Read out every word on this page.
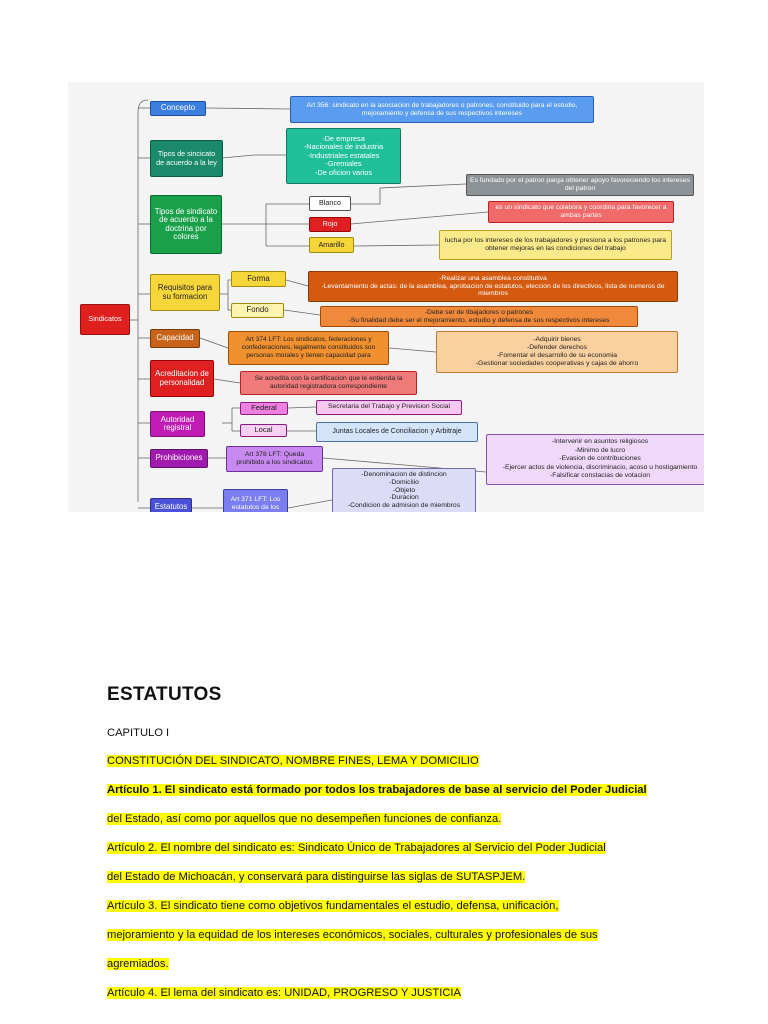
Sindicatos
Concepto	Art 356: sindicato en la asociacion de trabajadores o patrones, constituido para el estudio, mejoramiento y defensa de sus respectivos intereses
Tipos de sincicato de acuerdo a la ley
-De empresa
-Nacionales de industria
-Industriales estatales
-Gremiales
-De oficion varios
Tipos de sindicato de acuerdo a la doctrina por colores
Blanco
Es fundado por el patron parga obtener apoyo favoreciendo los intereses del patron
Rojo
es un sindicato que colabora y coordina para favorecer a ambas partes
Amarillo	lucha por los intereses de los trabajadores y presiona a los patrones para obtener mejoras en las condiciones del trabajo
Requisitos para su formacion
Forma	-Realizar una asamblea constitutiva
-Levantamiento de actas: de la asamblea, aprobacion de estatutos, eleccion de los directivos, lista de numeros de miembros
Fondo	-Debe ser de tibajadores o patrones
-Su finalidad debe ser el mejoramiento, estudio y defensa de sus respectivos intereses
Capacidad	Art 374 LFT: Los sindicatos, federaciones y confederaciones, legalmente constituidos son personas morales y tienen capacidad para
-Adquirir bienes
-Defender derechos
-Fomentar el desarrollo de su economia
-Gestionar sociedades cooperativas y cajas de ahorro
Acreditacion de personalidad	Se acredita con la certificacion que le entienda la autoridad registradora correspondiente
Autoridad registral
Federal	Secretaria del Trabajo y Prevision Social
Local	Juntas Locales de Conciliacion y Arbitraje
Prohibiciones	Art 378 LFT: Queda prohibido a los sindicatos
-Intervenir en asuntos religiosos
-Minimo de lucro
-Evasion de contribuciones
-Ejercer actos de violencia, discriminacio, acoso u hostigamiento
-Falsificar constacias de votacion
Estatutos
Art 371 LFT: Los estatutos de los
-Denominacion de distincion
-Domicilio
-Objeto
-Duracion
-Condicion de admision de miembros
ESTATUTOS

CAPITULO I

CONSTITUCIÓN DEL SINDICATO, NOMBRE FINES, LEMA Y DOMICILIO

Artículo 1. El sindicato está formado por todos los trabajadores de base al servicio del Poder Judicial

del Estado, así como por aquellos que no desempeñen funciones de confianza.

Artículo 2. El nombre del sindicato es: Sindicato Único de Trabajadores al Servicio del Poder Judicial

del Estado de Michoacán, y conservará para distinguirse las siglas de SUTASPJEM.

Artículo 3. El sindicato tiene como objetivos fundamentales el estudio, defensa, unificación,

mejoramiento y la equidad de los intereses económicos, sociales, culturales y profesionales de sus

agremiados.

Artículo 4. El lema del sindicato es: UNIDAD, PROGRESO Y JUSTICIA
